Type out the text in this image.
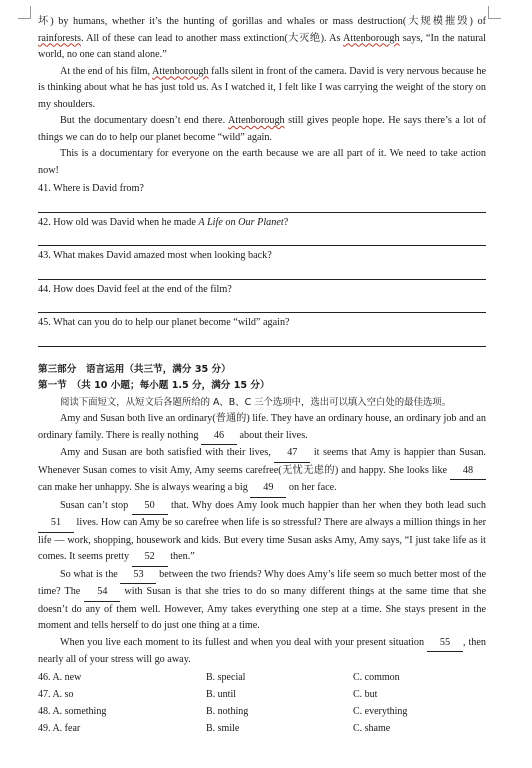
坏) by humans, whether it’s the hunting of gorillas and whales or mass destruction(大规模摧毁) of rainforests. All of these can lead to another mass extinction(大灭绝). As Attenborough says, “In the natural world, no one can stand alone.”

At the end of his film, Attenborough falls silent in front of the camera. David is very nervous because he is thinking about what he has just told us. As I watched it, I felt like I was carrying the weight of the story on my shoulders.

But the documentary doesn’t end there. Attenborough still gives people hope. He says there’s a lot of things we can do to help our planet become “wild” again.

This is a documentary for everyone on the earth because we are all part of it. We need to take action now!

41. Where is David from?
42. How old was David when he made A Life on Our Planet?
43. What makes David amazed most when looking back?
44. How does David feel at the end of the film?
45. What can you do to help our planet become “wild” again?
第三部分　语言运用（共三节，满分 35 分）
第一节　（共 10 小题；每小题 1.5 分，满分 15 分）

阅读下面短文，从短文后各题所给的 A、B、C 三个选项中，选出可以填入空白处的最佳选项。

Amy and Susan both live an ordinary(普通的) life. They have an ordinary house, an ordinary job and an ordinary family. There is really nothing 46 about their lives.

Amy and Susan are both satisfied with their lives, 47 it seems that Amy is happier than Susan. Whenever Susan comes to visit Amy, Amy seems carefree(无忧无虑的) and happy. She looks like 48 can make her unhappy. She is always wearing a big 49 on her face.

Susan can’t stop 50 that. Why does Amy look much happier than her when they both lead such 51 lives. How can Amy be so carefree when life is so stressful? There are always a million things in her life — work, shopping, housework and kids. But every time Susan asks Amy, Amy says, “I just take life as it comes. It seems pretty 52 then.”

So what is the 53 between the two friends? Why does Amy’s life seem so much better most of the time? The 54 with Susan is that she tries to do so many different things at the same time that she doesn’t do any of them well. However, Amy takes everything one step at a time. She stays present in the moment and tells herself to do just one thing at a time.

When you live each moment to its fullest and when you deal with your present situation 55 , then nearly all of your stress will go away.

46. A. new	B. special	C. common
47. A. so	B. until	C. but
48. A. something	B. nothing	C. everything
49. A. fear	B. smile	C. shame
